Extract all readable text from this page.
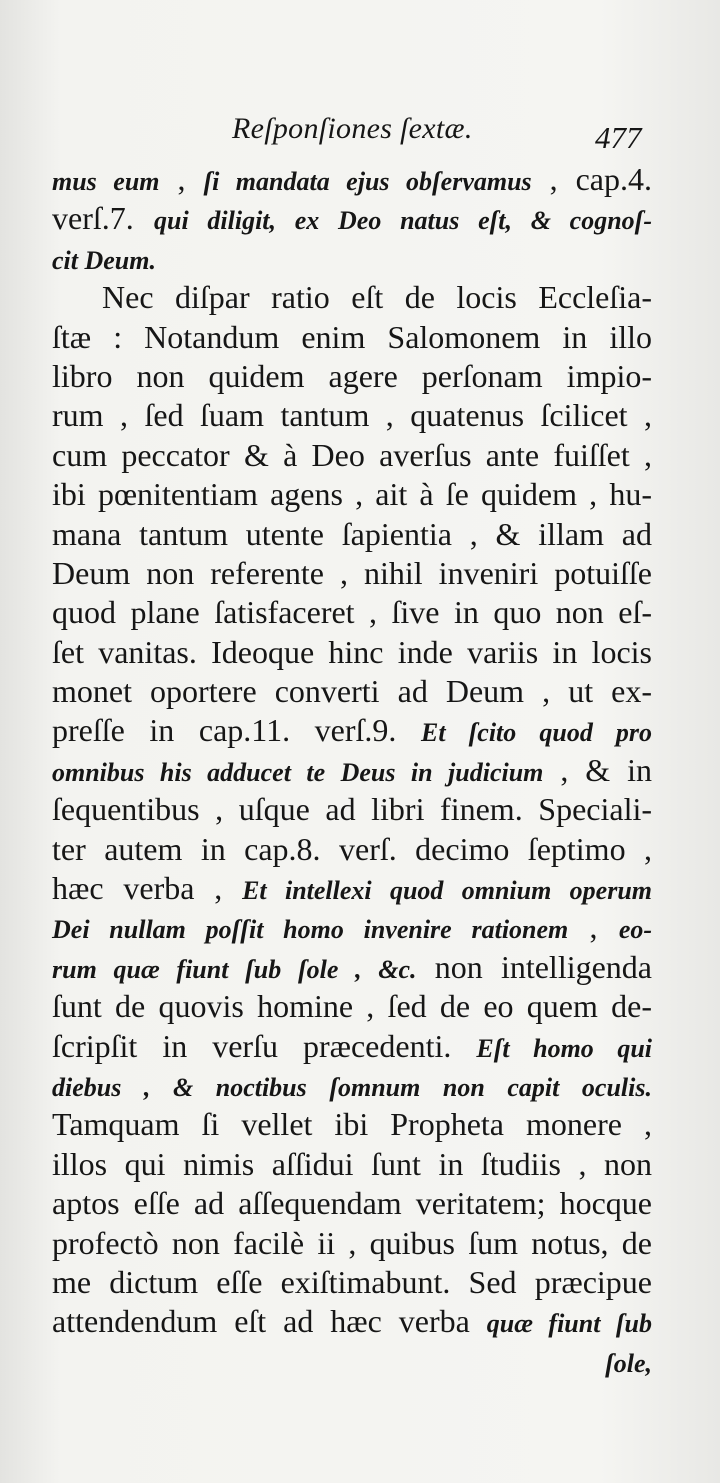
Reſponſiones ſextæ.	477
mus eum , ſi mandata ejus obſervamus , cap.4.
verſ.7. qui diligit, ex Deo natus eſt, & cognoſ-
cit Deum.
Nec diſpar ratio eſt de locis Eccleſia-
ſtæ : Notandum enim Salomonem in illo
libro non quidem agere perſonam impio-
rum , ſed ſuam tantum , quatenus ſcilicet ,
cum peccator & à Deo averſus ante fuiſſet ,
ibi pœnitentiam agens , ait à ſe quidem , hu-
mana tantum utente ſapientia , & illam ad
Deum non referente , nihil inveniri potuiſſe
quod plane ſatisfaceret , ſive in quo non eſ-
ſet vanitas. Ideoque hinc inde variis in locis
monet oportere converti ad Deum , ut ex-
preſſe in cap.11. verſ.9. Et ſcito quod pro
omnibus his adducet te Deus in judicium , & in
ſequentibus , uſque ad libri finem. Speciali-
ter autem in cap.8. verſ. decimo ſeptimo ,
hæc verba , Et intellexi quod omnium operum
Dei nullam poſſit homo invenire rationem , eo-
rum quæ fiunt ſub ſole , &c. non intelligenda
ſunt de quovis homine , ſed de eo quem de-
ſcripſit in verſu præcedenti. Eſt homo qui
diebus , & noctibus ſomnum non capit oculis.
Tamquam ſi vellet ibi Propheta monere ,
illos qui nimis aſſidui ſunt in ſtudiis , non
aptos eſſe ad aſſequendam veritatem; hocque
profectò non facilè ii , quibus ſum notus, de
me dictum eſſe exiſtimabunt. Sed præcipue
attendendum eſt ad hæc verba quæ fiunt ſub
ſole,
